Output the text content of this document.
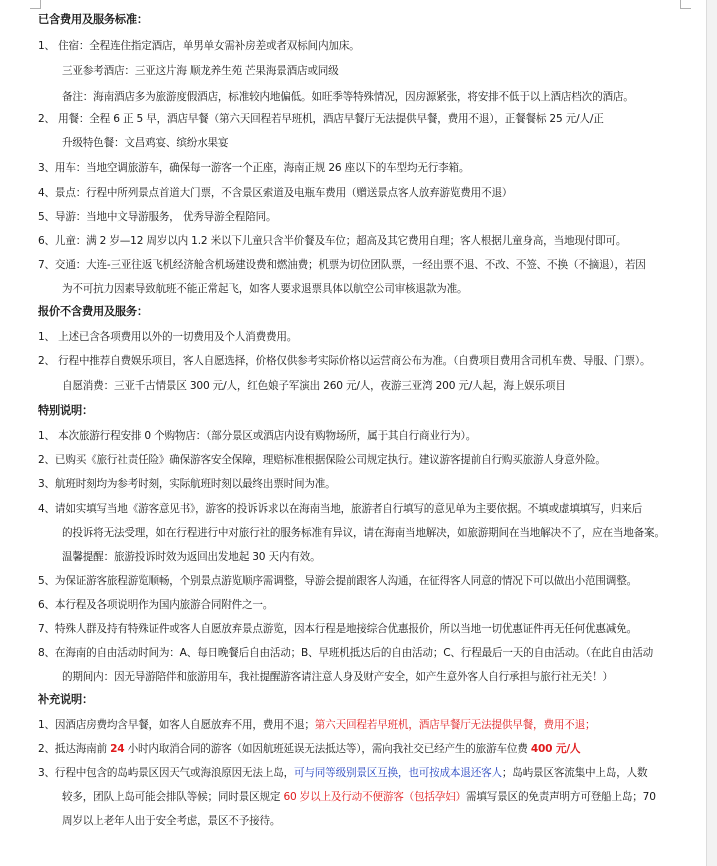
已含费用及服务标准：
1、 住宿：全程连住指定酒店，单男单女需补房差或者双标间内加床。
三亚参考酒店：三亚这片海 顺龙养生苑 芒果海景酒店或同级
备注：海南酒店多为旅游度假酒店，标准较内地偏低。如旺季等特殊情况，因房源紧张，将安排不低于以上酒店档次的酒店。
2、 用餐：全程 6 正 5 早，酒店早餐（第六天回程若早班机，酒店早餐厅无法提供早餐，费用不退），正餐餐标 25 元/人/正
升级特色餐：文昌鸡宴、缤纷水果宴
3、用车：当地空调旅游车，确保每一游客一个正座，海南正规 26 座以下的车型均无行李箱。
4、景点：行程中所列景点首道大门票，不含景区索道及电瓶车费用（赠送景点客人放弃游览费用不退）
5、导游：当地中文导游服务， 优秀导游全程陪同。
6、儿童：满 2 岁—12 周岁以内 1.2 米以下儿童只含半价餐及车位；超高及其它费用自理；客人根据儿童身高，当地现付即可。
7、交通：大连-三亚往返飞机经济舱含机场建设费和燃油费；机票为切位团队票，一经出票不退、不改、不签、不换（不摘退），若因
为不可抗力因素导致航班不能正常起飞，如客人要求退票具体以航空公司审核退款为准。
报价不含费用及服务：
1、 上述已含各项费用以外的一切费用及个人消费费用。
2、 行程中推荐自费娱乐项目，客人自愿选择，价格仅供参考实际价格以运营商公布为准。（自费项目费用含司机车费、导服、门票）。
自愿消费：三亚千古情景区 300 元/人，红色娘子军演出 260 元/人，夜游三亚湾 200 元/人起，海上娱乐项目
特别说明：
1、 本次旅游行程安排 0 个购物店：（部分景区或酒店内设有购物场所，属于其自行商业行为）。
2、已购买《旅行社责任险》确保游客安全保障，理赔标准根据保险公司规定执行。建议游客提前自行购买旅游人身意外险。
3、航班时刻均为参考时刻，实际航班时刻以最终出票时间为准。
4、请如实填写当地《游客意见书》，游客的投诉诉求以在海南当地，旅游者自行填写的意见单为主要依据。不填或虚填填写，归来后
的投诉将无法受理，如在行程进行中对旅行社的服务标准有异议，请在海南当地解决，如旅游期间在当地解决不了，应在当地备案。
温馨提醒：旅游投诉时效为返回出发地起 30 天内有效。
5、为保证游客旅程游览顺畅，个别景点游览顺序需调整，导游会提前跟客人沟通，在征得客人同意的情况下可以做出小范围调整。
6、本行程及各项说明作为国内旅游合同附件之一。
7、特殊人群及持有特殊证件或客人自愿放弃景点游览，因本行程是地接综合优惠报价，所以当地一切优惠证件再无任何优惠减免。
8、在海南的自由活动时间为：A、每日晚餐后自由活动；B、早班机抵达后的自由活动；C、行程最后一天的自由活动。（在此自由活动
的期间内：因无导游陪伴和旅游用车，我社提醒游客请注意人身及财产安全，如产生意外客人自行承担与旅行社无关！）
补充说明：
1、因酒店房费均含早餐，如客人自愿放弃不用，费用不退；第六天回程若早班机，酒店早餐厅无法提供早餐，费用不退；
2、抵达海南前 24 小时内取消合同的游客（如因航班延误无法抵达等），需向我社交已经产生的旅游车位费 400 元/人
3、行程中包含的岛屿景区因天气或海浪原因无法上岛，可与同等级别景区互换，也可按成本退还客人；岛屿景区客流集中上岛，人数
较多，团队上岛可能会排队等候；同时景区规定 60 岁以上及行动不便游客（包括孕妇）需填写景区的免责声明方可登船上岛；70
周岁以上老年人出于安全考虑，景区不予接待。
